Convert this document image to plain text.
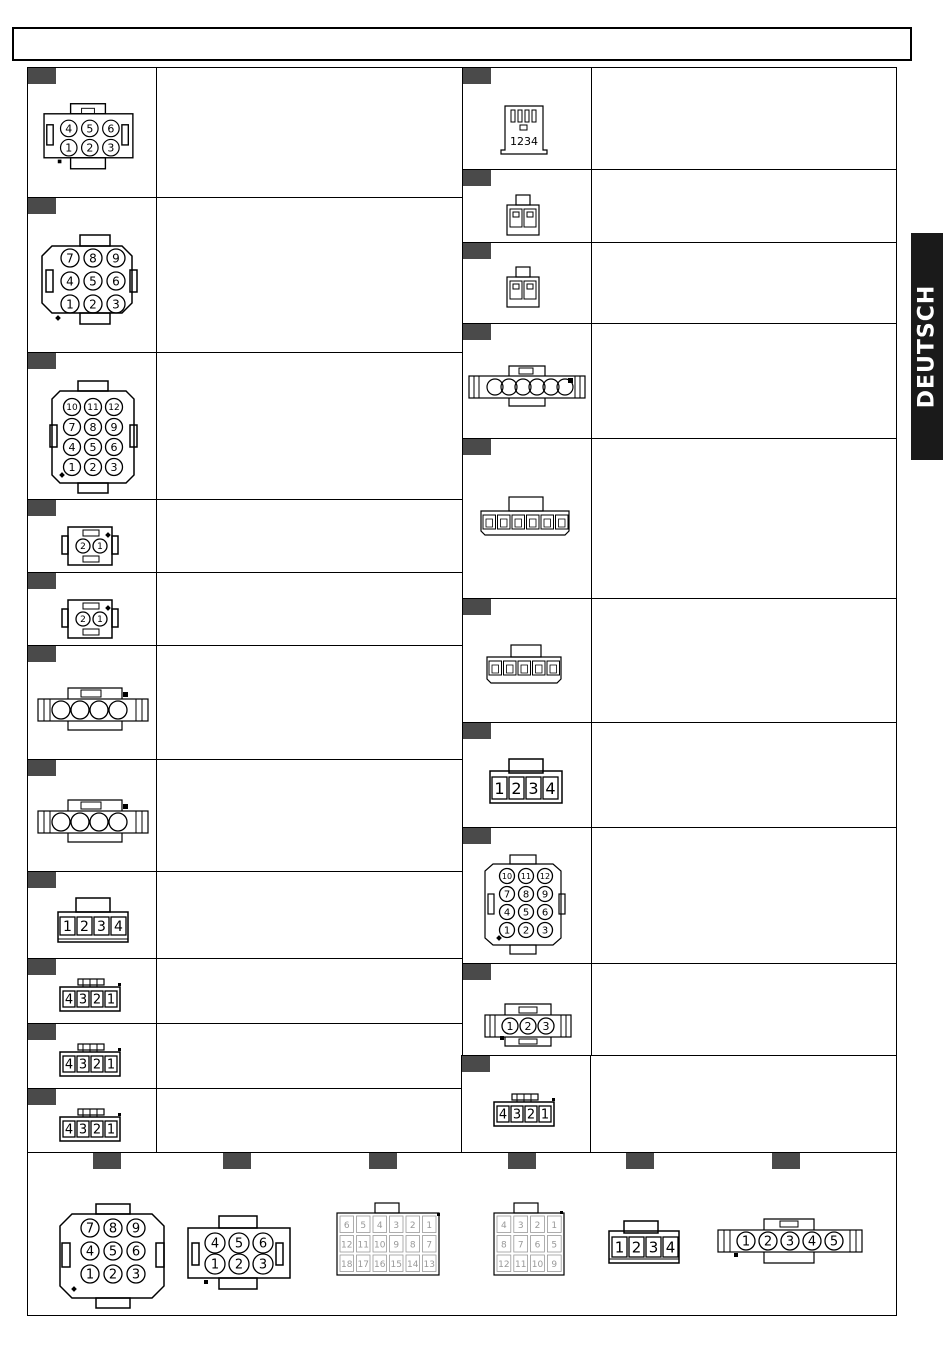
DEUTSCH
4 5 6
1 2 3
7 8 9
4 5 6
1 2 3
10 11 12
7 8 9
4 5 6
1 2 3
2 1
2 1
1 2 3 4
4 3 2 1
4 3 2 1
4 3 2 1
1234
1 2 3 4
10 11 12
7 8 9
4 5 6
1 2 3
1 2 3
4 3 2 1
7 8 9
4 5 6
1 2 3
4 5 6
1 2 3
6 5 4 3 2 1
12 11 10 9 8 7
18 17 16 15 14 13
4 3 2 1
8 7 6 5
12 11 10 9
1 2 3 4	1 2 3 4 5
